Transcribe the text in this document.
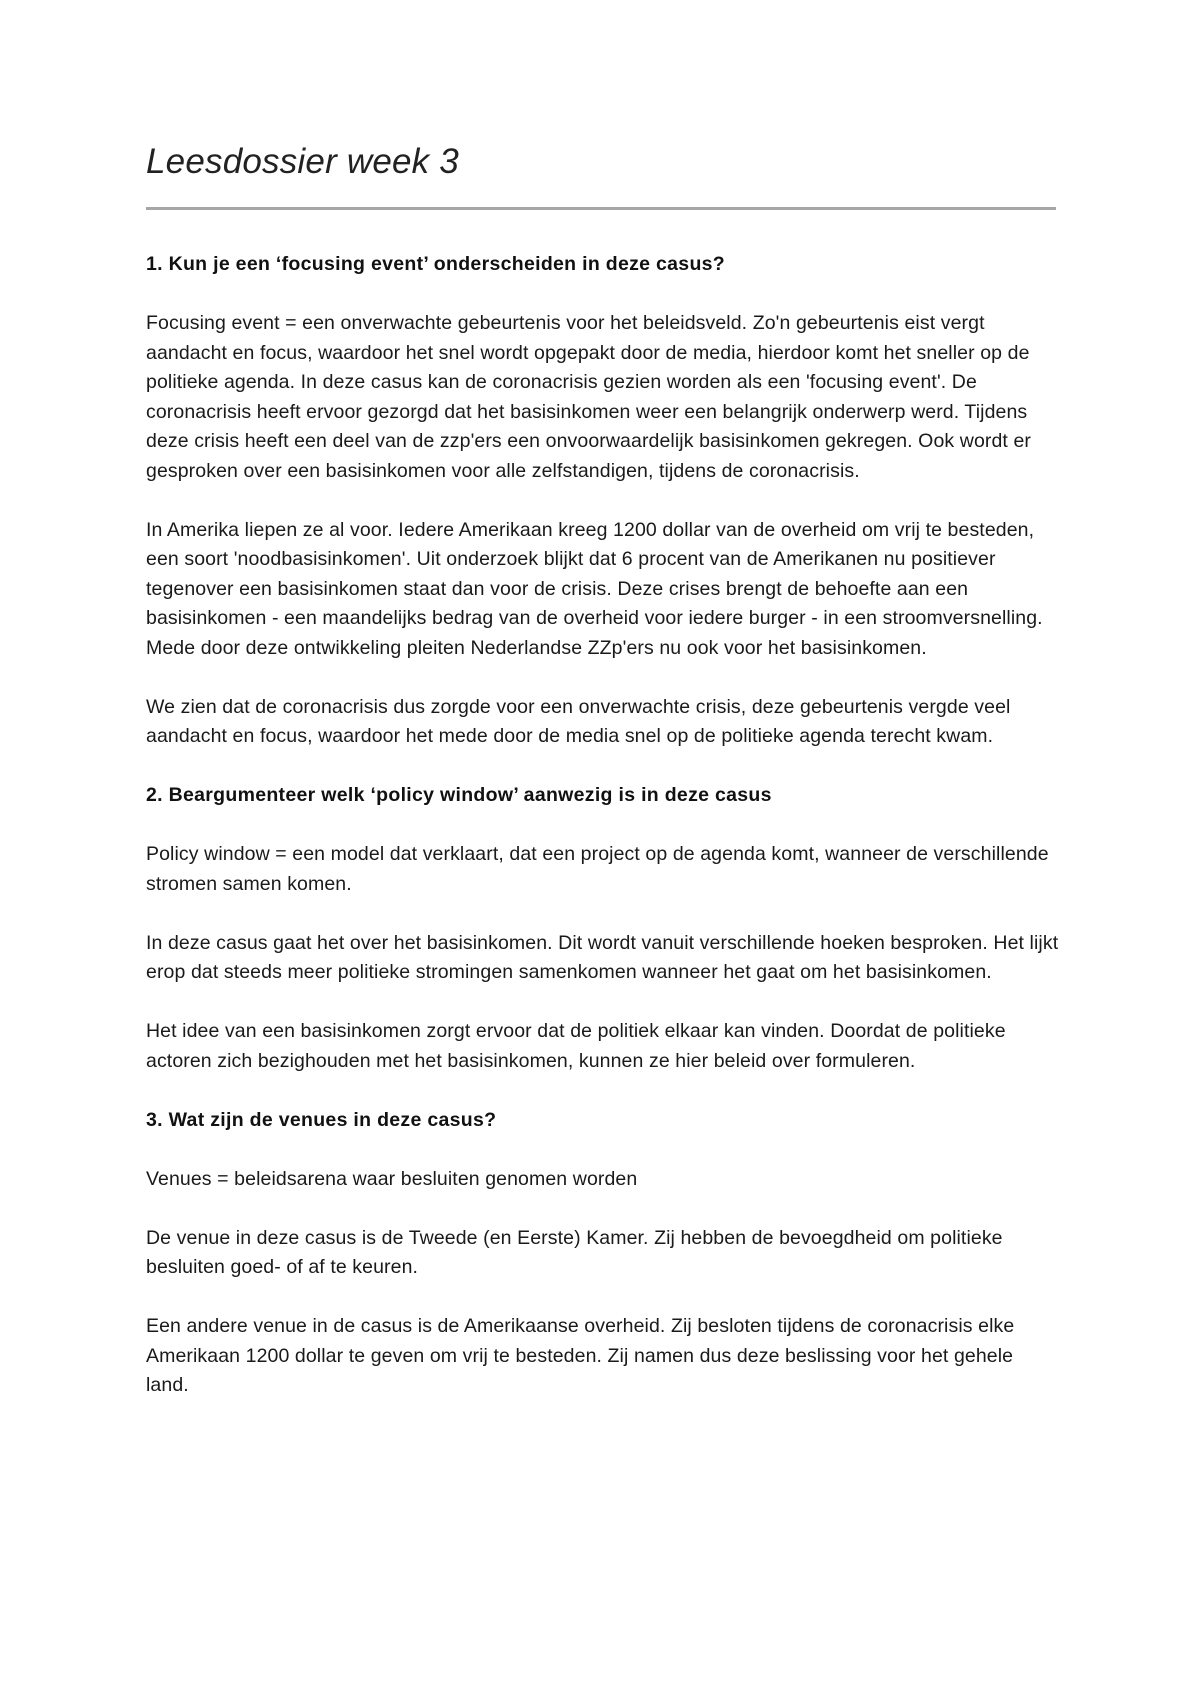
Leesdossier week 3

1. Kun je een ‘focusing event’ onderscheiden in deze casus?

Focusing event = een onverwachte gebeurtenis voor het beleidsveld. Zo'n gebeurtenis eist vergt aandacht en focus, waardoor het snel wordt opgepakt door de media, hierdoor komt het sneller op de politieke agenda. In deze casus kan de coronacrisis gezien worden als een 'focusing event'. De coronacrisis heeft ervoor gezorgd dat het basisinkomen weer een belangrijk onderwerp werd. Tijdens deze crisis heeft een deel van de zzp'ers een onvoorwaardelijk basisinkomen gekregen. Ook wordt er gesproken over een basisinkomen voor alle zelfstandigen, tijdens de coronacrisis.

In Amerika liepen ze al voor. Iedere Amerikaan kreeg 1200 dollar van de overheid om vrij te besteden, een soort 'noodbasisinkomen'. Uit onderzoek blijkt dat 6 procent van de Amerikanen nu positiever tegenover een basisinkomen staat dan voor de crisis. Deze crises brengt de behoefte aan een basisinkomen - een maandelijks bedrag van de overheid voor iedere burger - in een stroomversnelling. Mede door deze ontwikkeling pleiten Nederlandse ZZp'ers nu ook voor het basisinkomen.

We zien dat de coronacrisis dus zorgde voor een onverwachte crisis, deze gebeurtenis vergde veel aandacht en focus, waardoor het mede door de media snel op de politieke agenda terecht kwam.

2. Beargumenteer welk ‘policy window’ aanwezig is in deze casus

Policy window = een model dat verklaart, dat een project op de agenda komt, wanneer de verschillende stromen samen komen.

In deze casus gaat het over het basisinkomen. Dit wordt vanuit verschillende hoeken besproken. Het lijkt erop dat steeds meer politieke stromingen samenkomen wanneer het gaat om het basisinkomen.

Het idee van een basisinkomen zorgt ervoor dat de politiek elkaar kan vinden. Doordat de politieke actoren zich bezighouden met het basisinkomen, kunnen ze hier beleid over formuleren.

3. Wat zijn de venues in deze casus?

Venues = beleidsarena waar besluiten genomen worden

De venue in deze casus is de Tweede (en Eerste) Kamer. Zij hebben de bevoegdheid om politieke besluiten goed- of af te keuren.

Een andere venue in de casus is de Amerikaanse overheid. Zij besloten tijdens de coronacrisis elke Amerikaan 1200 dollar te geven om vrij te besteden. Zij namen dus deze beslissing voor het gehele land.
